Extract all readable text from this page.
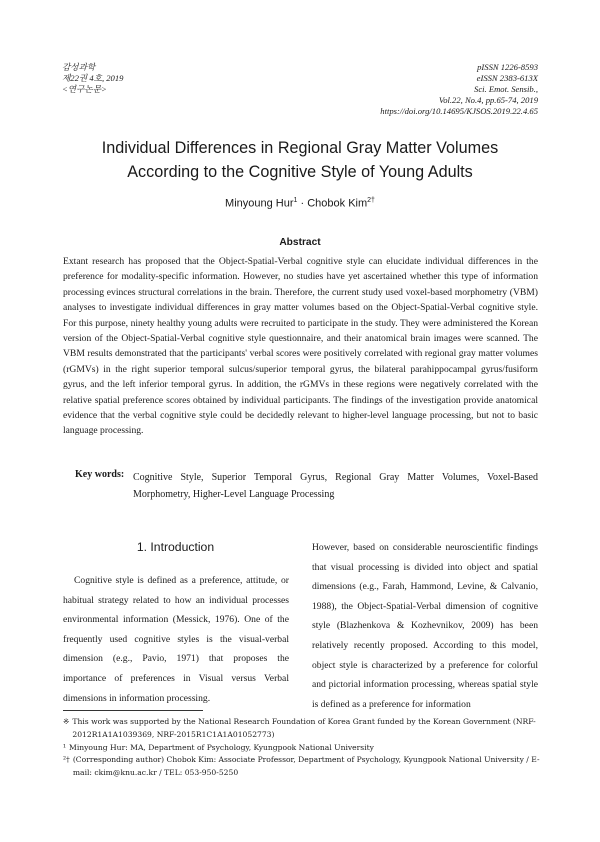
감성과학
제22권 4호, 2019
<연구논문>
pISSN 1226-8593
eISSN 2383-613X
Sci. Emot. Sensib.,
Vol.22, No.4, pp.65-74, 2019
https://doi.org/10.14695/KJSOS.2019.22.4.65
Individual Differences in Regional Gray Matter Volumes
According to the Cognitive Style of Young Adults
Minyoung Hur$^1$ · Chobok Kim$^{2\dagger}$
Abstract
Extant research has proposed that the Object-Spatial-Verbal cognitive style can elucidate individual differences in the preference for modality-specific information. However, no studies have yet ascertained whether this type of information processing evinces structural correlations in the brain. Therefore, the current study used voxel-based morphometry (VBM) analyses to investigate individual differences in gray matter volumes based on the Object-Spatial-Verbal cognitive style. For this purpose, ninety healthy young adults were recruited to participate in the study. They were administered the Korean version of the Object-Spatial-Verbal cognitive style questionnaire, and their anatomical brain images were scanned. The VBM results demonstrated that the participants' verbal scores were positively correlated with regional gray matter volumes (rGMVs) in the right superior temporal sulcus/superior temporal gyrus, the bilateral parahippocampal gyrus/fusiform gyrus, and the left inferior temporal gyrus. In addition, the rGMVs in these regions were negatively correlated with the relative spatial preference scores obtained by individual participants. The findings of the investigation provide anatomical evidence that the verbal cognitive style could be decidedly relevant to higher-level language processing, but not to basic language processing.
Key words: Cognitive Style, Superior Temporal Gyrus, Regional Gray Matter Volumes, Voxel-Based Morphometry, Higher-Level Language Processing
1. Introduction
Cognitive style is defined as a preference, attitude, or habitual strategy related to how an individual processes environmental information (Messick, 1976). One of the frequently used cognitive styles is the visual-verbal dimension (e.g., Pavio, 1971) that proposes the importance of preferences in Visual versus Verbal dimensions in information processing.
However, based on considerable neuroscientific findings that visual processing is divided into object and spatial dimensions (e.g., Farah, Hammond, Levine, & Calvanio, 1988), the Object-Spatial-Verbal dimension of cognitive style (Blazhenkova & Kozhevnikov, 2009) has been relatively recently proposed. According to this model, object style is characterized by a preference for colorful and pictorial information processing, whereas spatial style is defined as a preference for information
※ This work was supported by the National Research Foundation of Korea Grant funded by the Korean Government (NRF-2012R1A1A1039369, NRF-2015R1C1A1A01052773)
¹ Minyoung Hur: MA, Department of Psychology, Kyungpook National University
²† (Corresponding author) Chobok Kim: Associate Professor, Department of Psychology, Kyungpook National University / E-mail: ckim@knu.ac.kr / TEL: 053-950-5250
